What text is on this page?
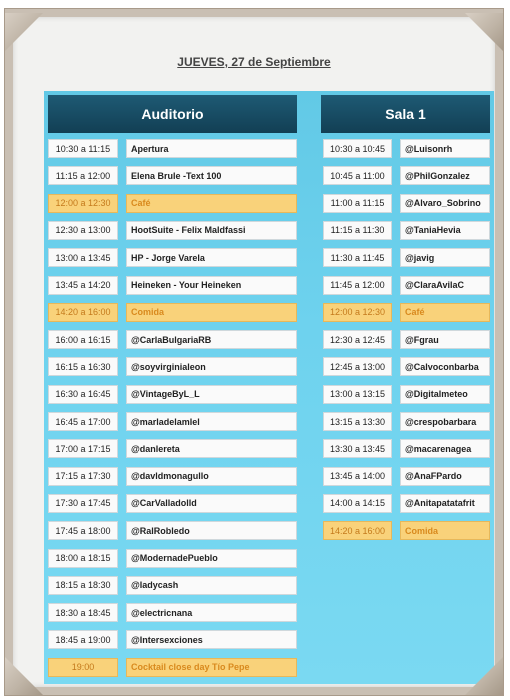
JUEVES, 27 de Septiembre
Auditorio	Sala 1
10:30 a 11:15	Apertura
11:15 a 12:00	Elena Brule -Text 100
12:00 a 12:30	Café
12:30 a 13:00	HootSuite - Felix Maldfassi
13:00 a 13:45	HP - Jorge Varela
13:45 a 14:20	Heineken - Your Heineken
14:20 a 16:00	Comida
16:00 a 16:15	@CarlaBulgariaRB
16:15 a 16:30	@soyvirginialeon
16:30 a 16:45	@VintageByL_L
16:45 a 17:00	@marladelamlel
17:00 a 17:15	@danlereta
17:15 a 17:30	@davldmonagullo
17:30 a 17:45	@CarValladolld
17:45 a 18:00	@RalRobledo
18:00 a 18:15	@ModernadePueblo
18:15 a 18:30	@ladycash
18:30 a 18:45	@electricnana
18:45 a 19:00	@Intersexciones
19:00	Cocktail close day Tío Pepe
10:30 a 10:45	@Luisonrh
10:45 a 11:00	@PhilGonzalez
11:00 a 11:15	@Alvaro_Sobrino
11:15 a 11:30	@TaniaHevia
11:30 a 11:45	@javig
11:45 a 12:00	@ClaraAvilaC
12:00 a 12:30	Café
12:30 a 12:45	@Fgrau
12:45 a 13:00	@Calvoconbarba
13:00 a 13:15	@Digitalmeteo
13:15 a 13:30	@crespobarbara
13:30 a 13:45	@macarenagea
13:45 a 14:00	@AnaFPardo
14:00 a 14:15	@Anitapatatafrit
14:20 a 16:00	Comida
